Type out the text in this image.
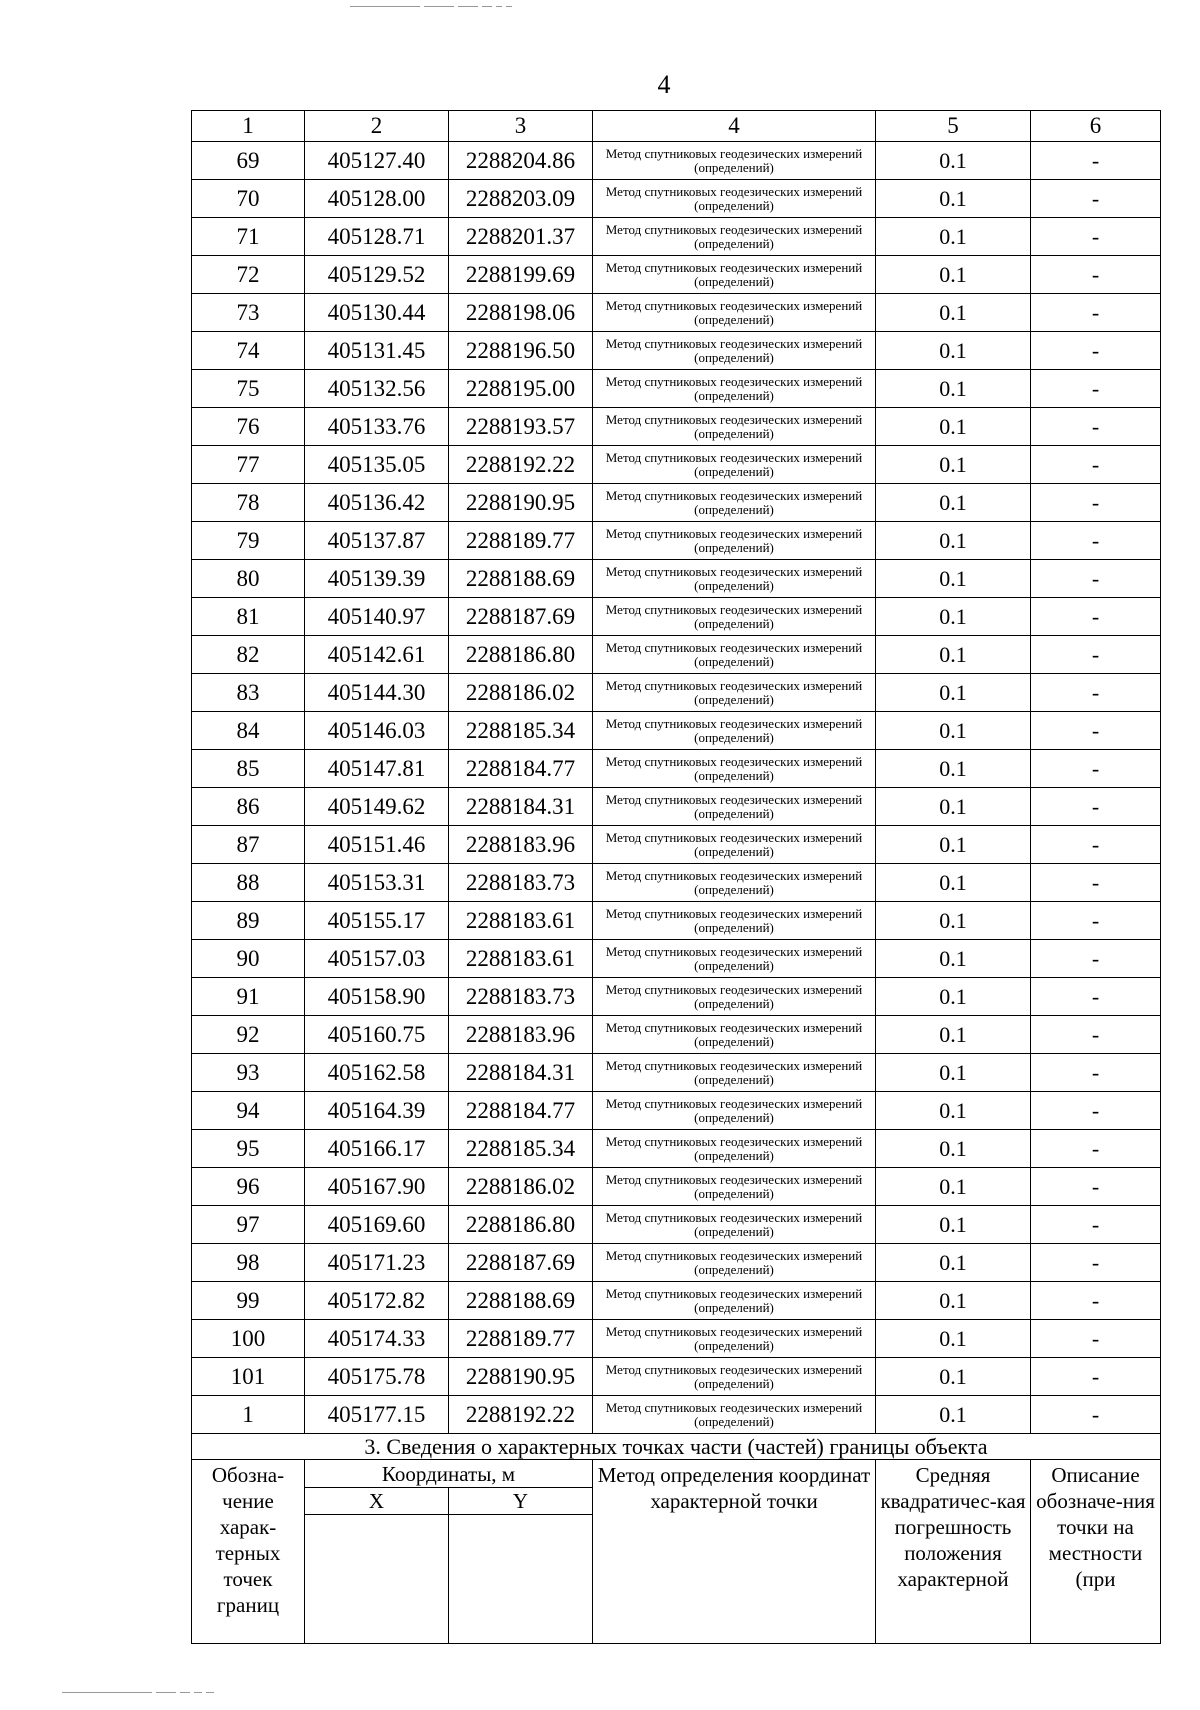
4
1	2	3	4	5	6
69	405127.40	2288204.86	Метод спутниковых геодезических измерений (определений)	0.1	-
70	405128.00	2288203.09	Метод спутниковых геодезических измерений (определений)	0.1	-
71	405128.71	2288201.37	Метод спутниковых геодезических измерений (определений)	0.1	-
72	405129.52	2288199.69	Метод спутниковых геодезических измерений (определений)	0.1	-
73	405130.44	2288198.06	Метод спутниковых геодезических измерений (определений)	0.1	-
74	405131.45	2288196.50	Метод спутниковых геодезических измерений (определений)	0.1	-
75	405132.56	2288195.00	Метод спутниковых геодезических измерений (определений)	0.1	-
76	405133.76	2288193.57	Метод спутниковых геодезических измерений (определений)	0.1	-
77	405135.05	2288192.22	Метод спутниковых геодезических измерений (определений)	0.1	-
78	405136.42	2288190.95	Метод спутниковых геодезических измерений (определений)	0.1	-
79	405137.87	2288189.77	Метод спутниковых геодезических измерений (определений)	0.1	-
80	405139.39	2288188.69	Метод спутниковых геодезических измерений (определений)	0.1	-
81	405140.97	2288187.69	Метод спутниковых геодезических измерений (определений)	0.1	-
82	405142.61	2288186.80	Метод спутниковых геодезических измерений (определений)	0.1	-
83	405144.30	2288186.02	Метод спутниковых геодезических измерений (определений)	0.1	-
84	405146.03	2288185.34	Метод спутниковых геодезических измерений (определений)	0.1	-
85	405147.81	2288184.77	Метод спутниковых геодезических измерений (определений)	0.1	-
86	405149.62	2288184.31	Метод спутниковых геодезических измерений (определений)	0.1	-
87	405151.46	2288183.96	Метод спутниковых геодезических измерений (определений)	0.1	-
88	405153.31	2288183.73	Метод спутниковых геодезических измерений (определений)	0.1	-
89	405155.17	2288183.61	Метод спутниковых геодезических измерений (определений)	0.1	-
90	405157.03	2288183.61	Метод спутниковых геодезических измерений (определений)	0.1	-
91	405158.90	2288183.73	Метод спутниковых геодезических измерений (определений)	0.1	-
92	405160.75	2288183.96	Метод спутниковых геодезических измерений (определений)	0.1	-
93	405162.58	2288184.31	Метод спутниковых геодезических измерений (определений)	0.1	-
94	405164.39	2288184.77	Метод спутниковых геодезических измерений (определений)	0.1	-
95	405166.17	2288185.34	Метод спутниковых геодезических измерений (определений)	0.1	-
96	405167.90	2288186.02	Метод спутниковых геодезических измерений (определений)	0.1	-
97	405169.60	2288186.80	Метод спутниковых геодезических измерений (определений)	0.1	-
98	405171.23	2288187.69	Метод спутниковых геодезических измерений (определений)	0.1	-
99	405172.82	2288188.69	Метод спутниковых геодезических измерений (определений)	0.1	-
100	405174.33	2288189.77	Метод спутниковых геодезических измерений (определений)	0.1	-
101	405175.78	2288190.95	Метод спутниковых геодезических измерений (определений)	0.1	-
1	405177.15	2288192.22	Метод спутниковых геодезических измерений (определений)	0.1	-
3. Сведения о характерных точках части (частей) границы объекта					
Обозна-чение харак-терных точек границ	Координаты, м		Метод определения координат характерной точки	Средняя квадратичес-кая погрешность положения характерной	Описание обозначе-ния точки на местности (при
	X	Y			
